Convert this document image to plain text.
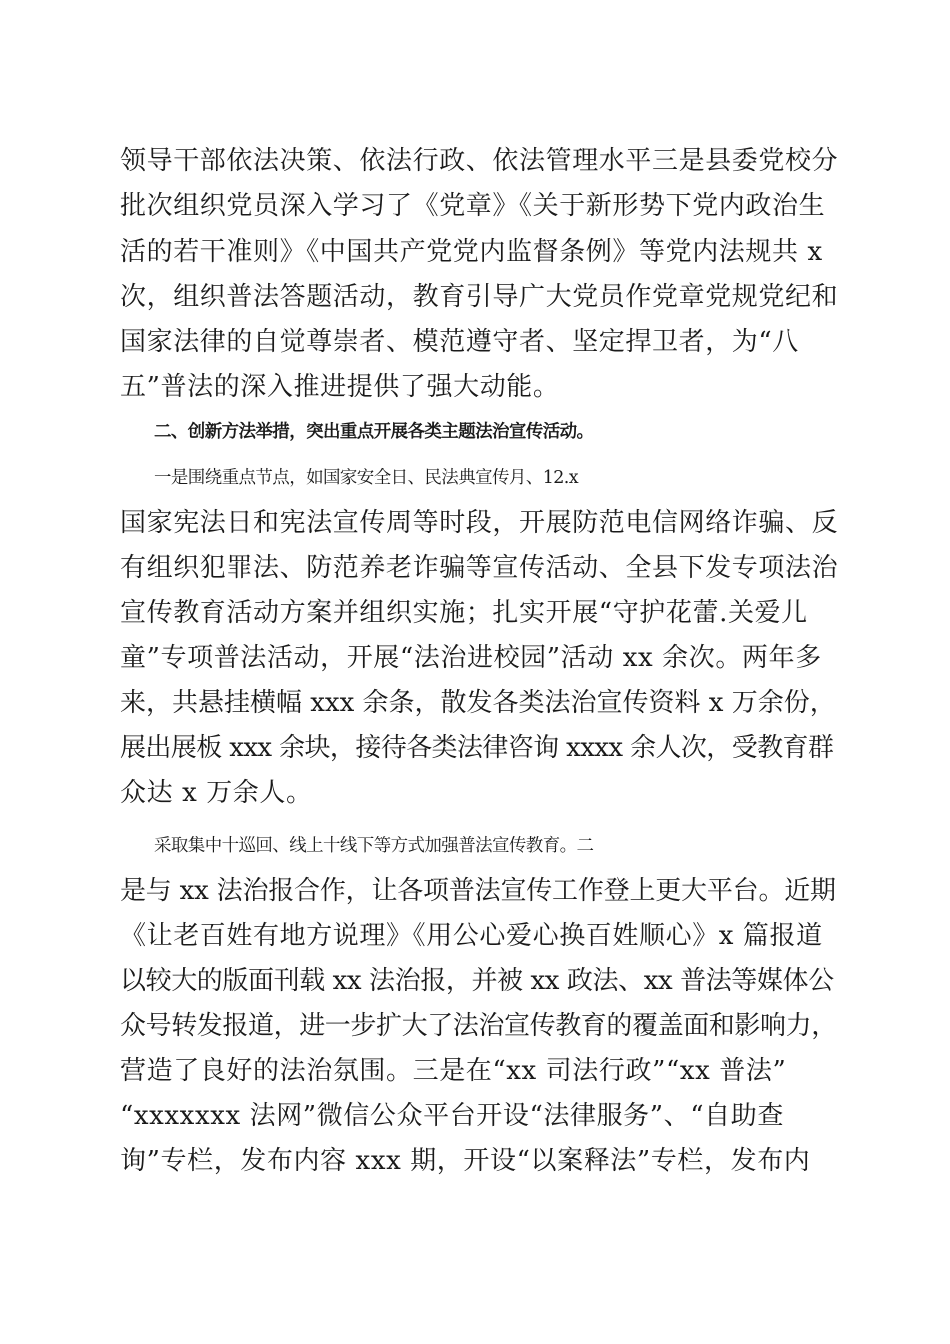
领导干部依法决策、依法行政、依法管理水平三是县委党校分
批次组织党员深入学习了《党章》《关于新形势下党内政治生
活的若干准则》《中国共产党党内监督条例》等党内法规共 x
次，组织普法答题活动，教育引导广大党员作党章党规党纪和
国家法律的自觉尊崇者、模范遵守者、坚定捍卫者，为“八
五”普法的深入推进提供了强大动能。
二、创新方法举措，突出重点开展各类主题法治宣传活动。
一是围绕重点节点，如国家安全日、民法典宣传月、12.x
国家宪法日和宪法宣传周等时段，开展防范电信网络诈骗、反
有组织犯罪法、防范养老诈骗等宣传活动、全县下发专项法治
宣传教育活动方案并组织实施；扎实开展“守护花蕾.关爱儿
童”专项普法活动，开展“法治进校园”活动 xx 余次。两年多
来，共悬挂横幅 xxx 余条，散发各类法治宣传资料 x 万余份，
展出展板 xxx 余块，接待各类法律咨询 xxxx 余人次，受教育群
众达 x 万余人。
采取集中十巡回、线上十线下等方式加强普法宣传教育。二
是与 xx 法治报合作，让各项普法宣传工作登上更大平台。近期
《让老百姓有地方说理》《用公心爱心换百姓顺心》x 篇报道
以较大的版面刊载 xx 法治报，并被 xx 政法、xx 普法等媒体公
众号转发报道，进一步扩大了法治宣传教育的覆盖面和影响力，
营造了良好的法治氛围。三是在“xx 司法行政”“xx 普法”
“xxxxxxx 法网”微信公众平台开设“法律服务”、“自助查
询”专栏，发布内容 xxx 期，开设“以案释法”专栏，发布内
